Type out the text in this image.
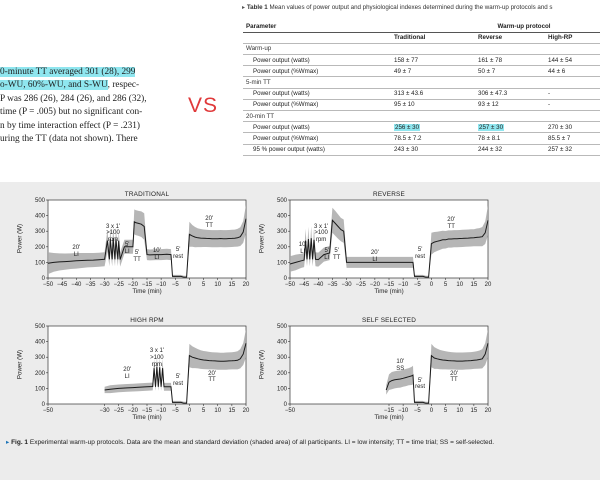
0-minute TT averaged 301 (28), 299
o-WU, 60%-WU, and S-WU, respec-
P was 286 (26), 284 (26), and 286 (32),
time (P = .005) but no significant con-
n by time interaction effect (P = .231)
uring the TT (data not shown). There
VS
▸ Table 1 Mean values of power output and physiological indexes determined during the warm-up protocols and s
Parameter	Warm-up protocol		
	Traditional	Reverse	High-RP
Warm-up			
Power output (watts)	158 ± 77	161 ± 78	144 ± 54
Power output (%Wmax)	49 ± 7	50 ± 7	44 ± 6
5-min TT			
Power output (watts)	313 ± 43.6	306 ± 47.3	-
Power output (%Wmax)	95 ± 10	93 ± 12	-
20-min TT			
Power output (watts)	256 ± 30	257 ± 30	270 ± 30
Power output (%Wmax)	78.5 ± 7.2	78 ± 8.1	85.5 ± 7
95 % power output (watts)	243 ± 30	244 ± 32	257 ± 32
0
100
200
300
400
500
−50 −45 −40 −35 −30 −25 −20 −15 −10 −5 0 5 10 15 20
TRADITIONAL
Power (W)
Time (min)
20'
LI
3 x 1'
>100
rpm
5'
LI 5'
TT
10'
LI
5'
rest
20'
TT
0
100
200
300
400
500
−50 −45 −40 −35 −30 −25 −20 −15 −10 −5 0 5 10 15 20
REVERSE
Power (W)
Time (min)
3 x 1'
>100
rpm
10'
LI	5'
LI
5'
TT
20'
LI
5'
rest
20'
TT
0
100
200
300
400
500
−50	−30 −25 −20 −15 −10 −5 0 5 10 15 20
HIGH RPM
Power (W)
Time (min)
20'
LI
3 x 1'
>100
rpm
5'
rest
20'
TT
0
100
200
300
400
500
−50	−15 −10 −5 0 5 10 15 20
SELF SELECTED
Power (W)
Time (min)
10'
SS
5'
rest
20'
TT
▸ Fig. 1 Experimental warm-up protocols. Data are the mean and standard deviation (shaded area) of all participants. LI = low intensity; TT = time trial; SS = self-selected.
